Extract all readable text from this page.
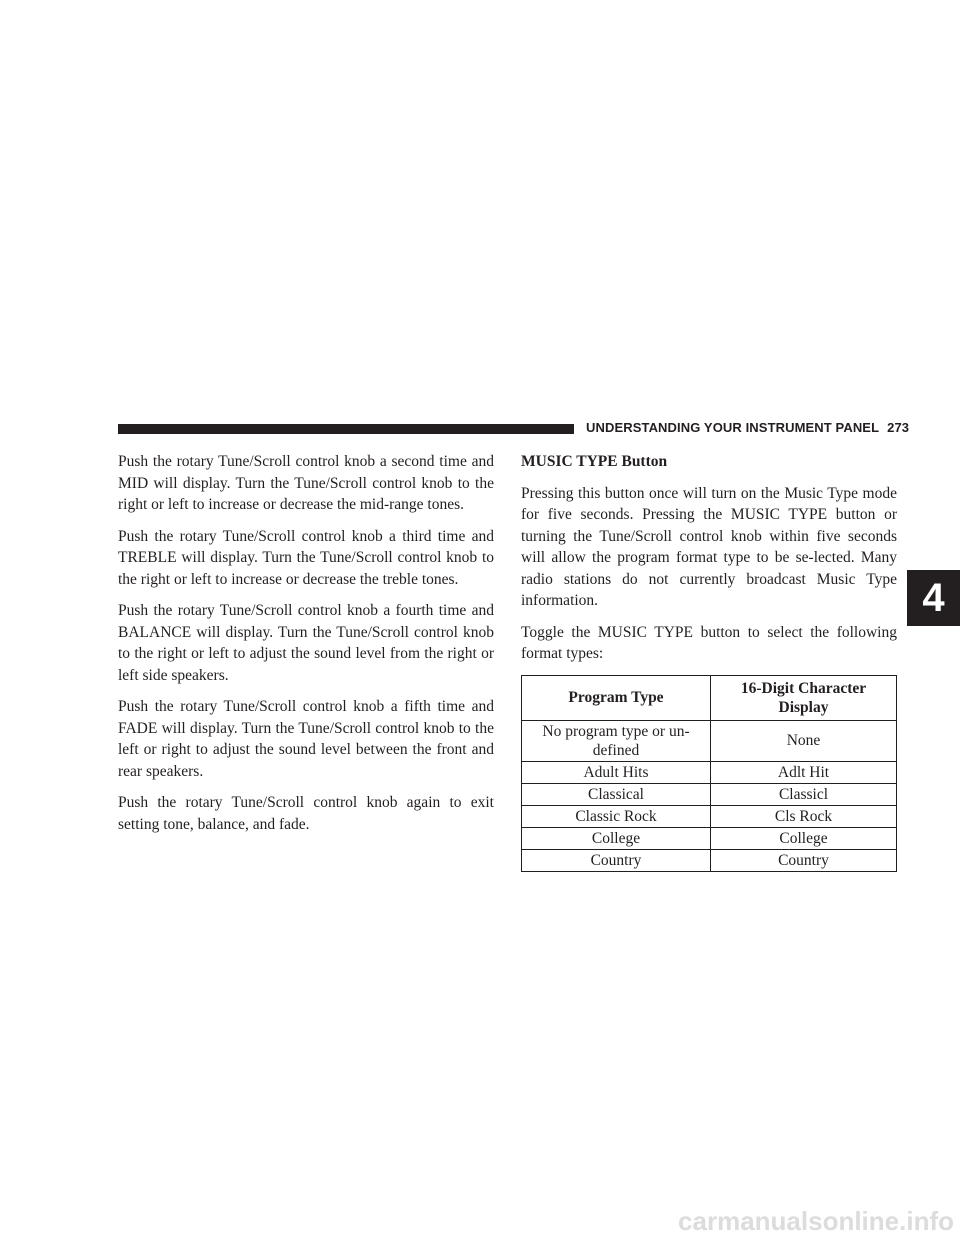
UNDERSTANDING YOUR INSTRUMENT PANEL 273

Push the rotary Tune/Scroll control knob a second time and MID will display. Turn the Tune/Scroll control knob to the right or left to increase or decrease the mid-range tones.

Push the rotary Tune/Scroll control knob a third time and TREBLE will display. Turn the Tune/Scroll control knob to the right or left to increase or decrease the treble tones.

Push the rotary Tune/Scroll control knob a fourth time and BALANCE will display. Turn the Tune/Scroll control knob to the right or left to adjust the sound level from the right or left side speakers.

Push the rotary Tune/Scroll control knob a fifth time and FADE will display. Turn the Tune/Scroll control knob to the left or right to adjust the sound level between the front and rear speakers.

Push the rotary Tune/Scroll control knob again to exit setting tone, balance, and fade.

MUSIC TYPE Button

Pressing this button once will turn on the Music Type mode for five seconds. Pressing the MUSIC TYPE button or turning the Tune/Scroll control knob within five seconds will allow the program format type to be se-lected. Many radio stations do not currently broadcast Music Type information.

Toggle the MUSIC TYPE button to select the following format types:

Program Type	16-Digit Character Display
No program type or un-defined	None
Adult Hits	Adlt Hit
Classical	Classicl
Classic Rock	Cls Rock
College	College
Country	Country
4
carmanualsonline.info
